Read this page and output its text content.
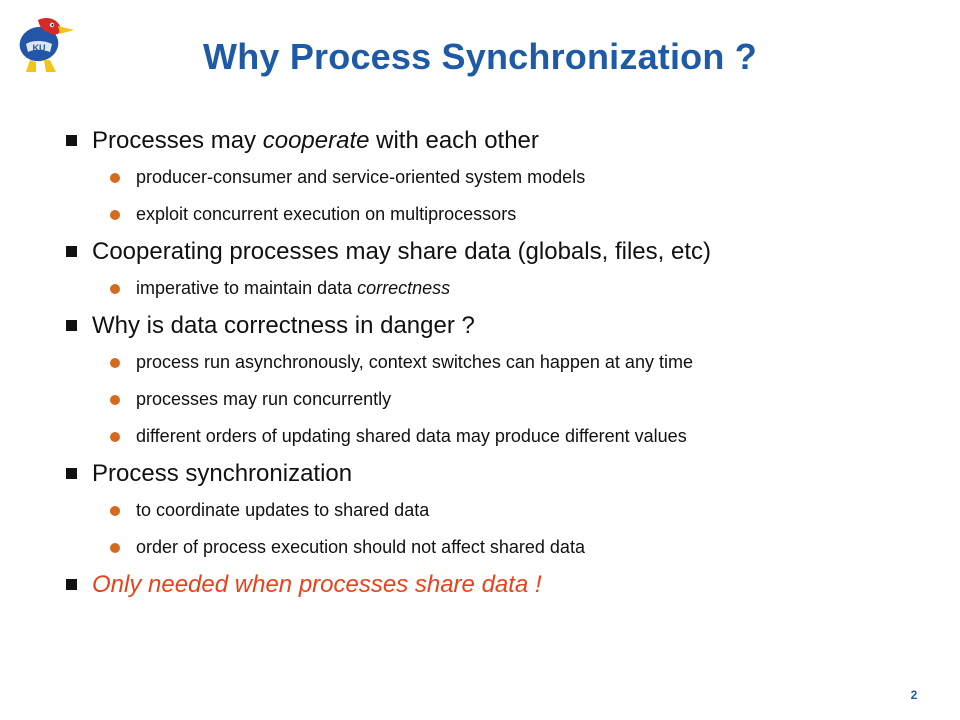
KU	Why Process Synchronization ?
Processes may cooperate with each other
producer-consumer and service-oriented system models
exploit concurrent execution on multiprocessors
Cooperating processes may share data (globals, files, etc)
imperative to maintain data correctness
Why is data correctness in danger ?
process run asynchronously, context switches can happen at any time
processes may run concurrently
different orders of updating shared data may produce different values
Process synchronization
to coordinate updates to shared data
order of process execution should not affect shared data
Only needed when processes share data !
2
